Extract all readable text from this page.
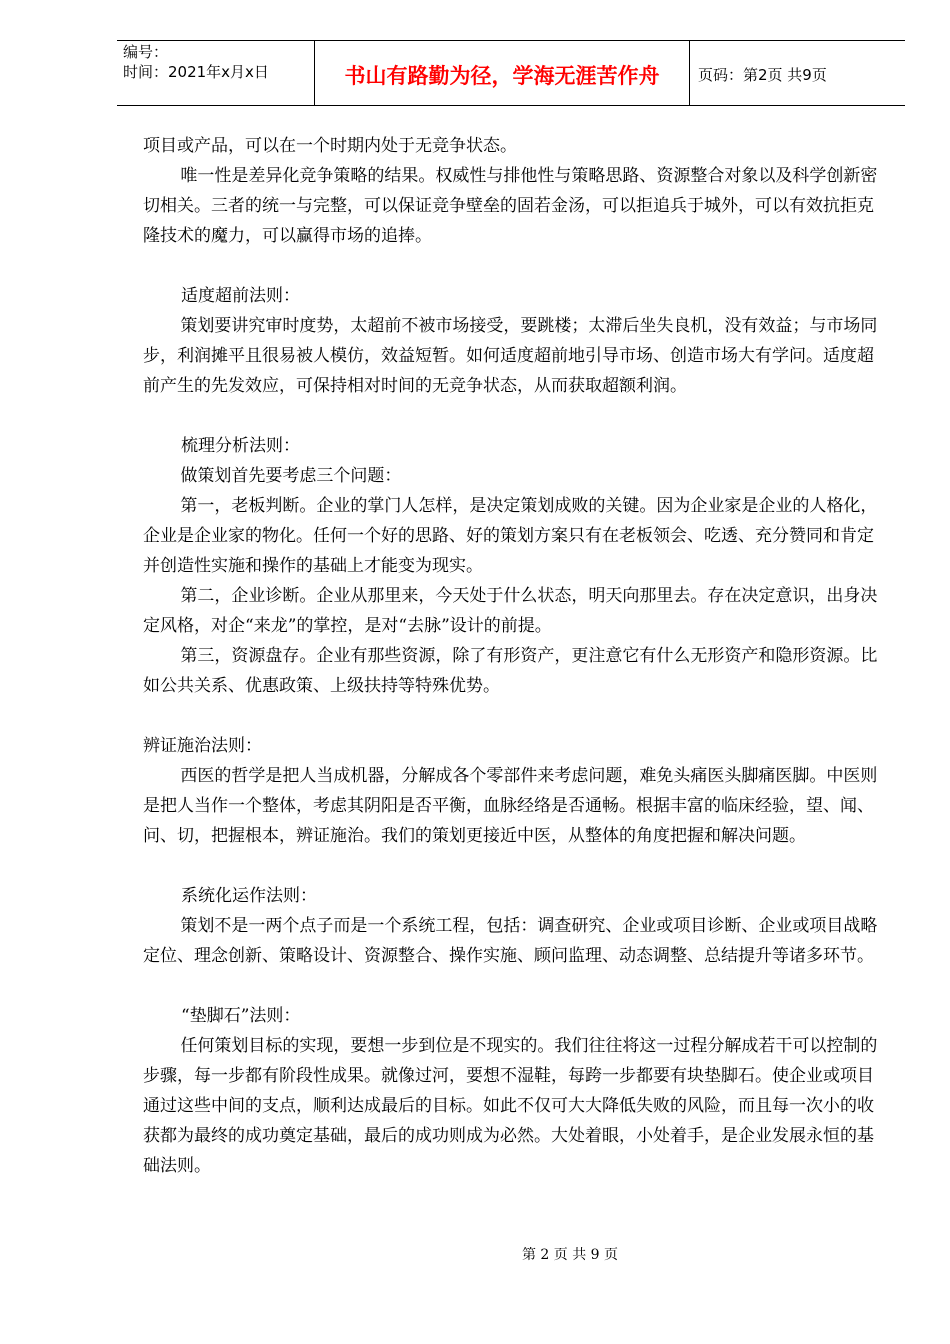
编号：
时间：2021年x月x日	书山有路勤为径，学海无涯苦作舟	页码：第2页 共9页

项目或产品，可以在一个时期内处于无竞争状态。

唯一性是差异化竞争策略的结果。权威性与排他性与策略思路、资源整合对象以及科学创新密切相关。三者的统一与完整，可以保证竞争壁垒的固若金汤，可以拒追兵于城外，可以有效抗拒克隆技术的魔力，可以赢得市场的追捧。

适度超前法则：

策划要讲究审时度势，太超前不被市场接受，要跳楼；太滞后坐失良机，没有效益；与市场同步，利润摊平且很易被人模仿，效益短暂。如何适度超前地引导市场、创造市场大有学问。适度超前产生的先发效应，可保持相对时间的无竞争状态，从而获取超额利润。

梳理分析法则：

做策划首先要考虑三个问题：

第一，老板判断。企业的掌门人怎样，是决定策划成败的关键。因为企业家是企业的人格化，企业是企业家的物化。任何一个好的思路、好的策划方案只有在老板领会、吃透、充分赞同和肯定并创造性实施和操作的基础上才能变为现实。

第二，企业诊断。企业从那里来，今天处于什么状态，明天向那里去。存在决定意识，出身决定风格，对企“来龙”的掌控，是对“去脉”设计的前提。

第三，资源盘存。企业有那些资源，除了有形资产，更注意它有什么无形资产和隐形资源。比如公共关系、优惠政策、上级扶持等特殊优势。

辨证施治法则：

西医的哲学是把人当成机器，分解成各个零部件来考虑问题，难免头痛医头脚痛医脚。中医则是把人当作一个整体，考虑其阴阳是否平衡，血脉经络是否通畅。根据丰富的临床经验，望、闻、问、切，把握根本，辨证施治。我们的策划更接近中医，从整体的角度把握和解决问题。

系统化运作法则：

策划不是一两个点子而是一个系统工程，包括：调查研究、企业或项目诊断、企业或项目战略定位、理念创新、策略设计、资源整合、操作实施、顾问监理、动态调整、总结提升等诸多环节。

“垫脚石”法则：

任何策划目标的实现，要想一步到位是不现实的。我们往往将这一过程分解成若干可以控制的步骤，每一步都有阶段性成果。就像过河，要想不湿鞋，每跨一步都要有块垫脚石。使企业或项目通过这些中间的支点，顺利达成最后的目标。如此不仅可大大降低失败的风险，而且每一次小的收获都为最终的成功奠定基础，最后的成功则成为必然。大处着眼，小处着手，是企业发展永恒的基础法则。

第 2 页 共 9 页
